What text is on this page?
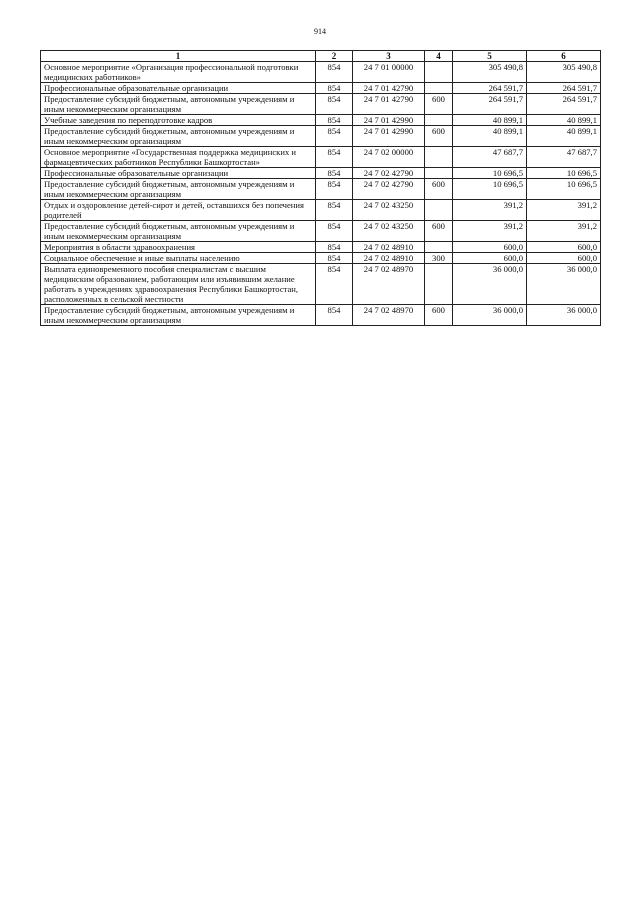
914
1	2	3	4	5	6
Основное мероприятие «Организация профессиональной подготовки медицинских работников»	854	24 7 01 00000		305 490,8	305 490,8
Профессиональные образовательные организации	854	24 7 01 42790		264 591,7	264 591,7
Предоставление субсидий бюджетным, автономным учреждениям и иным некоммерческим организациям	854	24 7 01 42790	600	264 591,7	264 591,7
Учебные заведения по переподготовке кадров	854	24 7 01 42990		40 899,1	40 899,1
Предоставление субсидий бюджетным, автономным учреждениям и иным некоммерческим организациям	854	24 7 01 42990	600	40 899,1	40 899,1
Основное мероприятие «Государственная поддержка медицинских и фармацевтических работников Республики Башкортостан»	854	24 7 02 00000		47 687,7	47 687,7
Профессиональные образовательные организации	854	24 7 02 42790		10 696,5	10 696,5
Предоставление субсидий бюджетным, автономным учреждениям и иным некоммерческим организациям	854	24 7 02 42790	600	10 696,5	10 696,5
Отдых и оздоровление детей-сирот и детей, оставшихся без попечения родителей	854	24 7 02 43250		391,2	391,2
Предоставление субсидий бюджетным, автономным учреждениям и иным некоммерческим организациям	854	24 7 02 43250	600	391,2	391,2
Мероприятия в области здравоохранения	854	24 7 02 48910		600,0	600,0
Социальное обеспечение и иные выплаты населению	854	24 7 02 48910	300	600,0	600,0
Выплата единовременного пособия специалистам с высшим медицинским образованием, работающим или изъявившим желание работать в учреждениях здравоохранения Республики Башкортостан, расположенных в сельской местности	854	24 7 02 48970		36 000,0	36 000,0
Предоставление субсидий бюджетным, автономным учреждениям и иным некоммерческим организациям	854	24 7 02 48970	600	36 000,0	36 000,0
